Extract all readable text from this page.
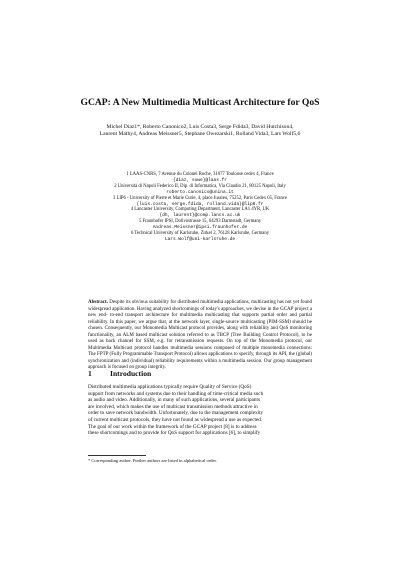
GCAP: A New Multimedia Multicast Architecture for QoS
Michel Diaz1*, Roberto Canonico2, Luis Costa3, Serge Fdida3, David Hutchison4,
Laurent Mathy4, Andreas Meissner5, Stephane Owezarski1, Rolland Vida3, Lars Wolf5,6
1 LAAS-CNRS, 7 Avenue du Colonel Roche, 31077 Toulouse cedex 4, France
{diaz, sowe}@laas.fr
2 Università di Napoli Federico II, Dip. di Informatica, Via Claudio 21, 80125 Napoli, Italy
roberto.canonico@unina.it
3 LIP6 - University of Pierre et Marie Curie, 4, place Jussieu, 75252, Paris Cedex 05, France
{luis.costa, serge.fdida, rolland.vida}@lip6.fr
4 Lancaster University, Computing Department, Lancaster LA1 4YR, UK
{dh, laurent}@comp.lancs.ac.uk
5 Fraunhofer IPSI, Dolivostrasse 15, 64293 Darmstadt, Germany
Andreas.Meissner@ipsi.fraunhofer.de
6 Technical University of Karlsruhe, Zirkel 2, 76128 Karlsruhe, Germany
Lars.Wolf@uni-karlsruhe.de
Abstract. Despite its obvious suitability for distributed multimedia applications, multicasting has not yet found widespread application. Having analyzed shortcomings of today's approaches, we devise in the GCAP project a new end- to-end transport architecture for multimedia multicasting that supports partial order and partial reliability. In this paper, we argue that, at the network layer, single-source multicasting (PIM-SSM) should be chosen. Consequently, our Monomedia Multicast protocol provides, along with reliability and QoS monitoring functionality, an ALM based multicast solution referred to as TBCP (Tree Building Control Protocol), to be used as back channel for SSM, e.g. for retransmission requests. On top of the Monomedia protocol, our Multimedia Multicast protocol handles multimedia sessions composed of multiple monomedia connections: The FPTP (Fully Programmable Transport Protocol) allows applications to specify, through its API, the (global) synchronization and (individual) reliability requirements within a multimedia session. Our group management approach is focused on group integrity.
1 Introduction
Distributed multimedia applications typically require Quality of Service (QoS)
support from networks and systems due to their handling of time-critical media such
as audio and video. Additionally, in many of such applications, several participants
are involved, which makes the use of multicast transmission methods attractive in
order to save network bandwidth. Unfortunately, due to the management complexity
of current multicast protocols, they have not found as widespread a use as expected.
The goal of our work within the framework of the GCAP project [8] is to address
these shortcomings and to provide for QoS support for applications [6], to simplify
* Corresponding author. Further authors are listed in alphabetical order.
